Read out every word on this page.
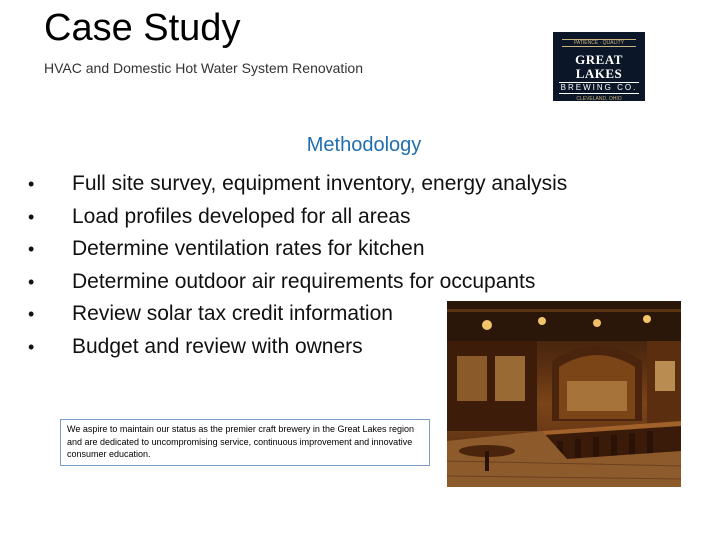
Case Study
HVAC and Domestic Hot Water System Renovation
PATIENCE · QUALITY
GREAT LAKES
BREWING CO.
CLEVELAND, OHIO
Methodology
• Full site survey, equipment inventory, energy analysis
• Load profiles developed for all areas
• Determine ventilation rates for kitchen
• Determine outdoor air requirements for occupants
• Review solar tax credit information
• Budget and review with owners
We aspire to maintain our status as the premier craft brewery in the Great Lakes region and are dedicated to uncompromising service, continuous improvement and innovative consumer education.
